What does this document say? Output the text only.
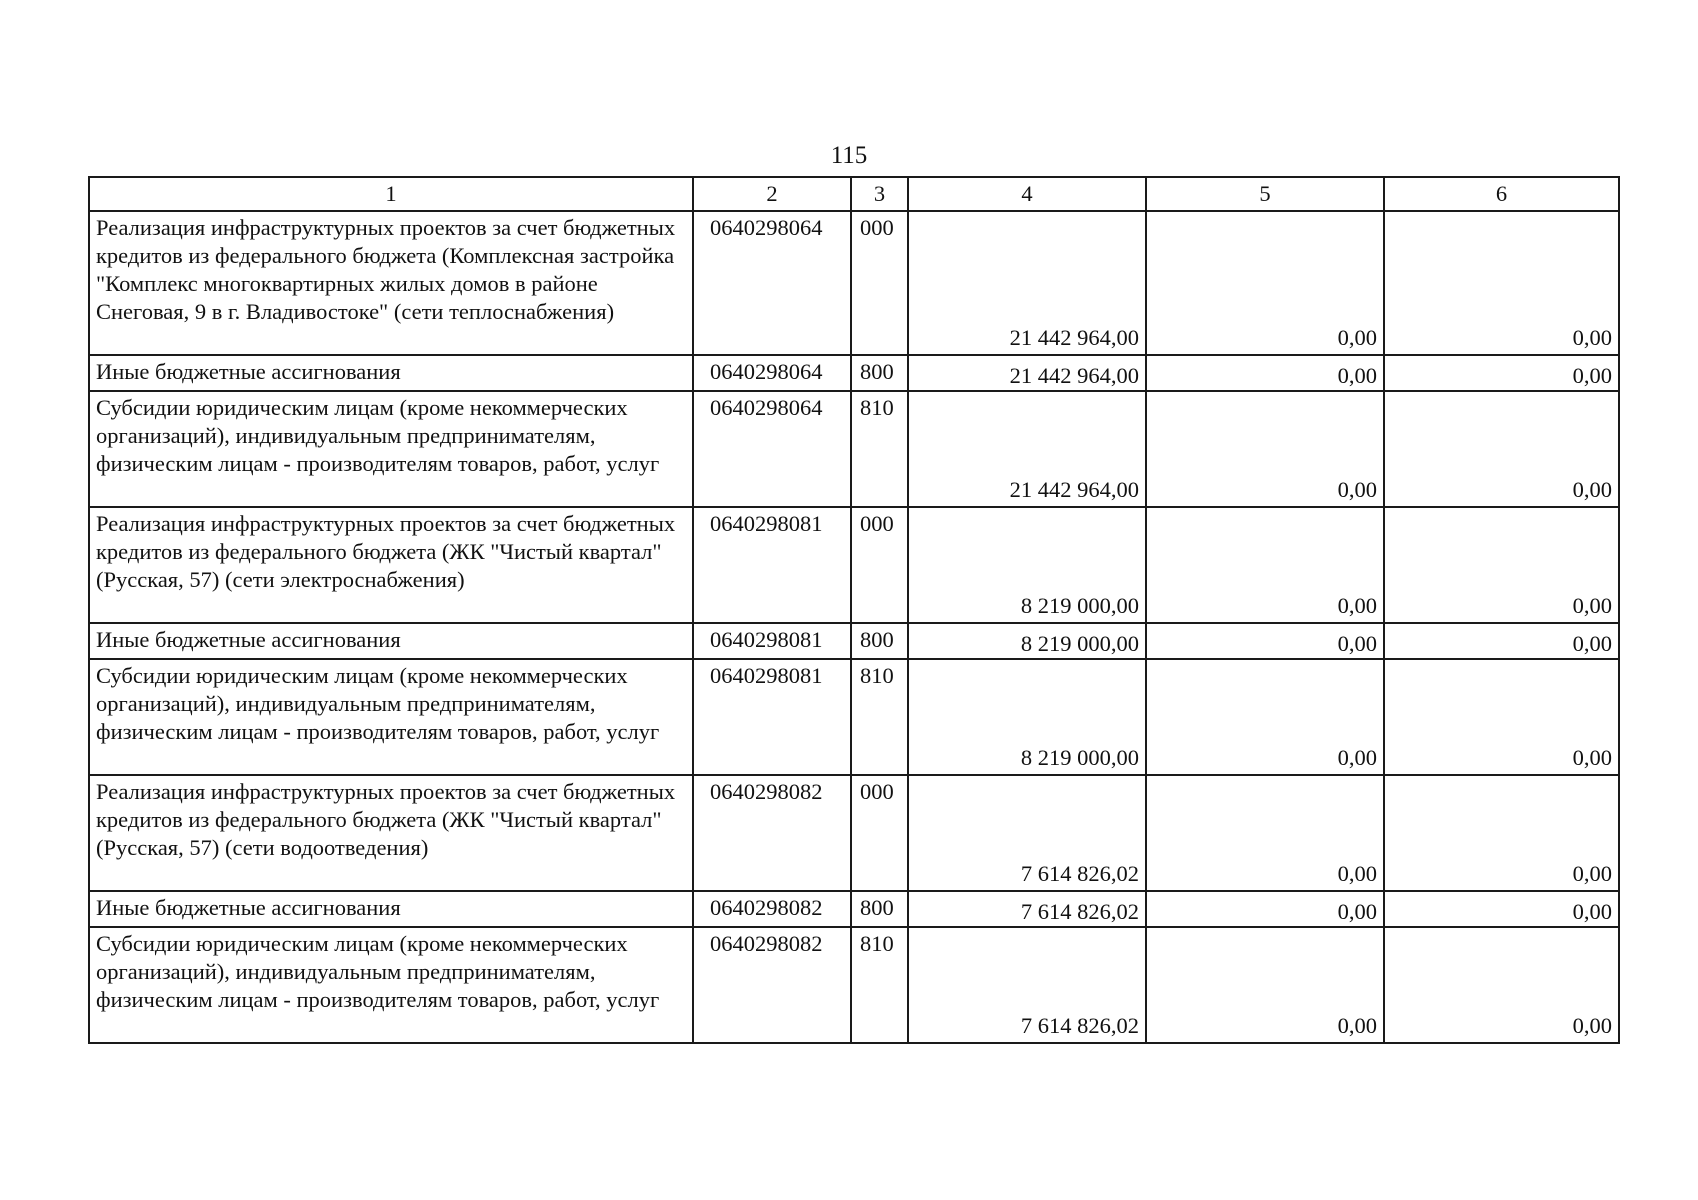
115
1	2	3	4	5	6
Реализация инфраструктурных проектов за счет бюджетных кредитов из федерального бюджета (Комплексная застройка "Комплекс многоквартирных жилых домов в районе Снеговая, 9 в г. Владивостоке" (сети теплоснабжения)	0640298064	000	21 442 964,00	0,00	0,00
Иные бюджетные ассигнования	0640298064	800	21 442 964,00	0,00	0,00
Субсидии юридическим лицам (кроме некоммерческих организаций), индивидуальным предпринимателям, физическим лицам - производителям товаров, работ, услуг	0640298064	810	21 442 964,00	0,00	0,00
Реализация инфраструктурных проектов за счет бюджетных кредитов из федерального бюджета (ЖК "Чистый квартал" (Русская, 57) (сети электроснабжения)	0640298081	000	8 219 000,00	0,00	0,00
Иные бюджетные ассигнования	0640298081	800	8 219 000,00	0,00	0,00
Субсидии юридическим лицам (кроме некоммерческих организаций), индивидуальным предпринимателям, физическим лицам - производителям товаров, работ, услуг	0640298081	810	8 219 000,00	0,00	0,00
Реализация инфраструктурных проектов за счет бюджетных кредитов из федерального бюджета (ЖК "Чистый квартал" (Русская, 57) (сети водоотведения)	0640298082	000	7 614 826,02	0,00	0,00
Иные бюджетные ассигнования	0640298082	800	7 614 826,02	0,00	0,00
Субсидии юридическим лицам (кроме некоммерческих организаций), индивидуальным предпринимателям, физическим лицам - производителям товаров, работ, услуг	0640298082	810	7 614 826,02	0,00	0,00
